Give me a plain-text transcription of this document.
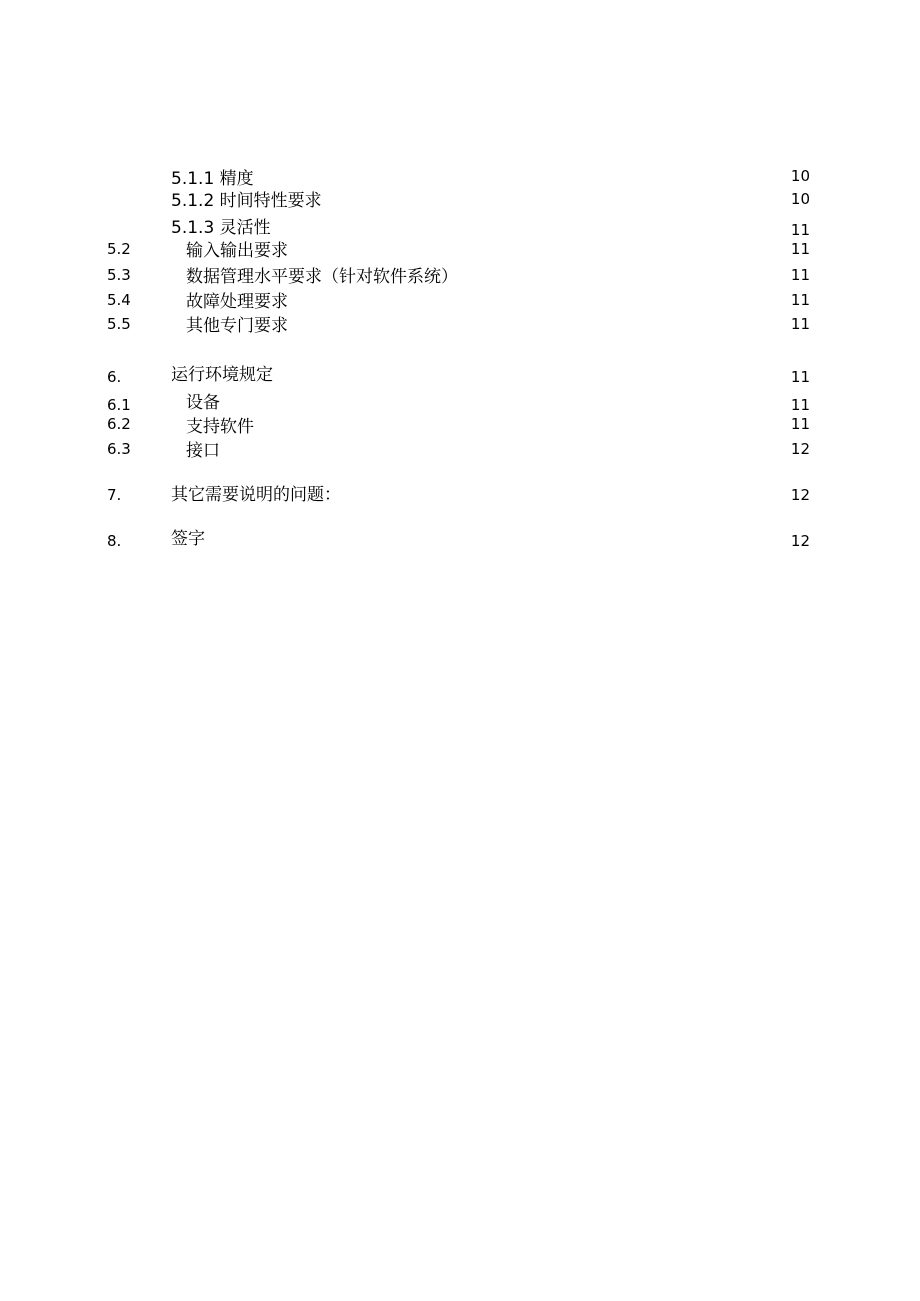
5.1.1 精度	10
5.1.2 时间特性要求	10
5.1.3 灵活性	11
5.2	输入输出要求	11
5.3	数据管理水平要求（针对软件系统）	11
5.4	故障处理要求	11
5.5	其他专门要求	11
6.	运行环境规定	11
6.1	设备	11
6.2	支持软件	11
6.3	接口	12
7.	其它需要说明的问题：	12
8.	签字	12
